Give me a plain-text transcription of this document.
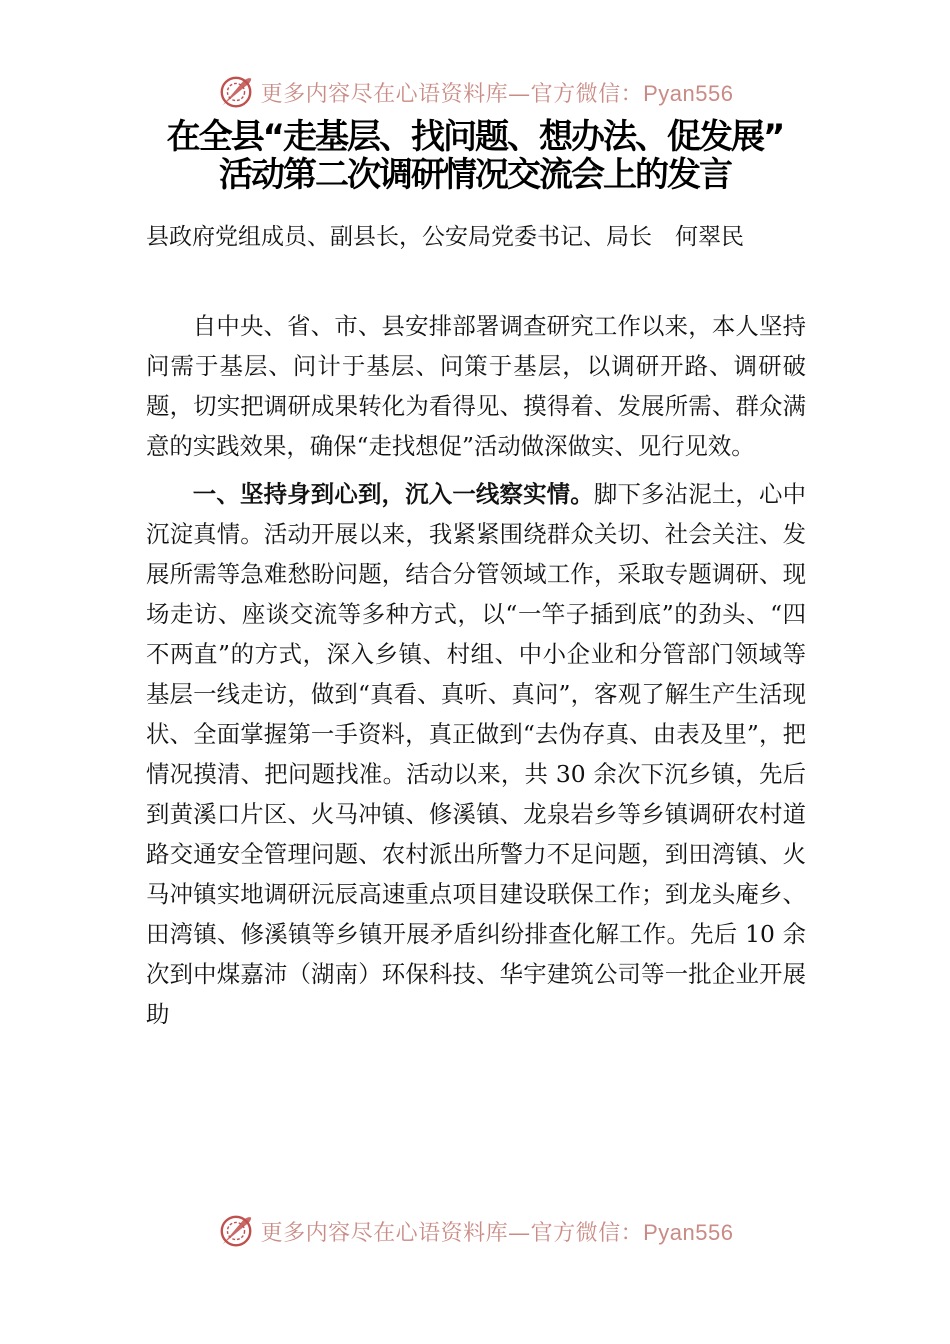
更多内容尽在心语资料库—官方微信：Pyan556
在全县“走基层、找问题、想办法、促发展”
活动第二次调研情况交流会上的发言
县政府党组成员、副县长，公安局党委书记、局长　何翠民

自中央、省、市、县安排部署调查研究工作以来，本人坚持问需于基层、问计于基层、问策于基层，以调研开路、调研破题，切实把调研成果转化为看得见、摸得着、发展所需、群众满意的实践效果，确保“走找想促”活动做深做实、见行见效。

一、坚持身到心到，沉入一线察实情。脚下多沾泥土，心中沉淀真情。活动开展以来，我紧紧围绕群众关切、社会关注、发展所需等急难愁盼问题，结合分管领域工作，采取专题调研、现场走访、座谈交流等多种方式，以“一竿子插到底”的劲头、“四不两直”的方式，深入乡镇、村组、中小企业和分管部门领域等基层一线走访，做到“真看、真听、真问”，客观了解生产生活现状、全面掌握第一手资料，真正做到“去伪存真、由表及里”，把情况摸清、把问题找准。活动以来，共 30 余次下沉乡镇，先后到黄溪口片区、火马冲镇、修溪镇、龙泉岩乡等乡镇调研农村道路交通安全管理问题、农村派出所警力不足问题，到田湾镇、火马冲镇实地调研沅辰高速重点项目建设联保工作；到龙头庵乡、田湾镇、修溪镇等乡镇开展矛盾纠纷排查化解工作。先后 10 余次到中煤嘉沛（湖南）环保科技、华宇建筑公司等一批企业开展助

更多内容尽在心语资料库—官方微信：Pyan556
